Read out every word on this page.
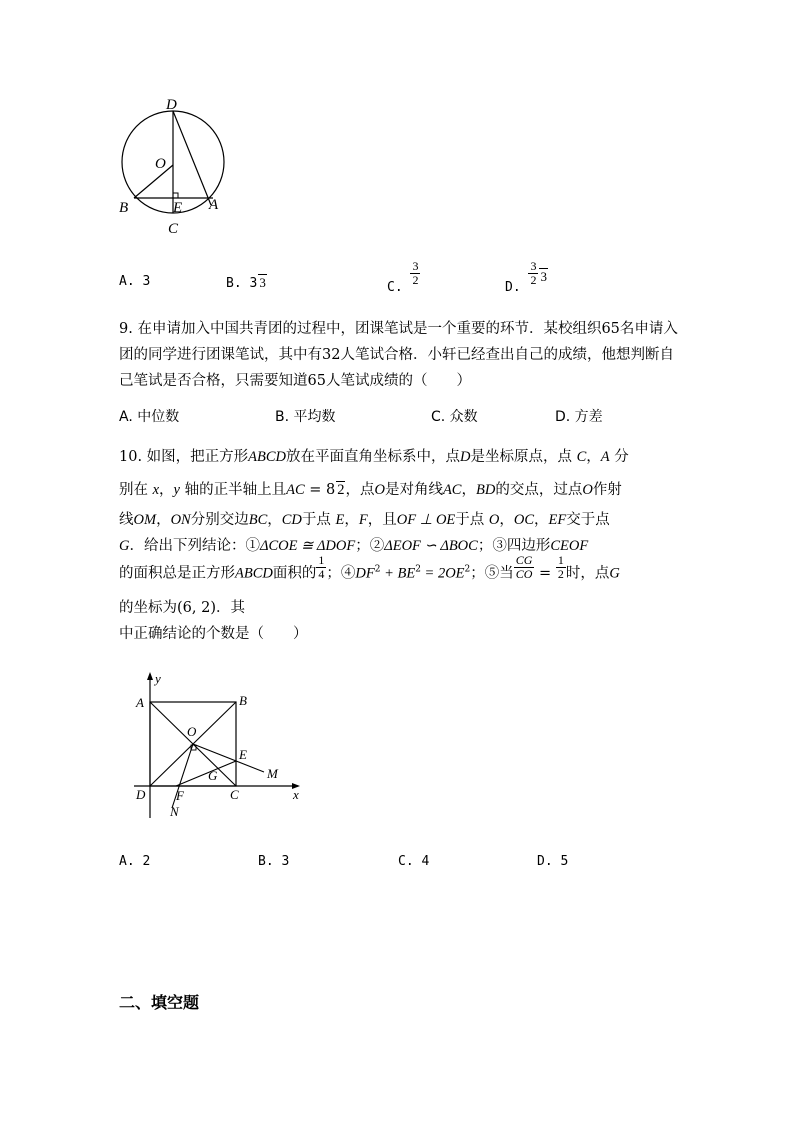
D
O
B	E A
C
A. 3	B. 3 3	C.
$\frac{3}{2}$
D.
$\frac{3}{2} 3$
9. 在申请加入中国共青团的过程中，团课笔试是一个重要的环节．某校组织65名申请入团的同学进行团课笔试，其中有32人笔试合格．小轩已经查出自己的成绩，他想判断自己笔试是否合格，只需要知道65人笔试成绩的（　　）
A. 中位数	B. 平均数	C. 众数	D. 方差
10. 如图，把正方形ABCD放在平面直角坐标系中，点D是坐标原点，点 C，A 分
别在 x，y 轴的正半轴上且AC = 8 2，点O是对角线AC，BD的交点，过点O作射
线OM，ON分别交边BC，CD于点 E，F，且OF ⊥ OE于点 O，OC，EF交于点
G．给出下列结论：①ΔCOE ≅ ΔDOF；②ΔEOF ∽ ΔBOC；③四边形CEOF
的面积总是正方形ABCD面积的 $\frac{1}{4}$ ；$④DF^2 + BE^2 = 2OE^2$；⑤当 $\frac{CG}{CO} = \frac{1}{2}$ 时，点G
的坐标为(6, 2)．其
中正确结论的个数是（　　）
y
A	B
O
E
M
G
D F	C	x
N
A. 2	B. 3	C. 4	D. 5
二、填空题
